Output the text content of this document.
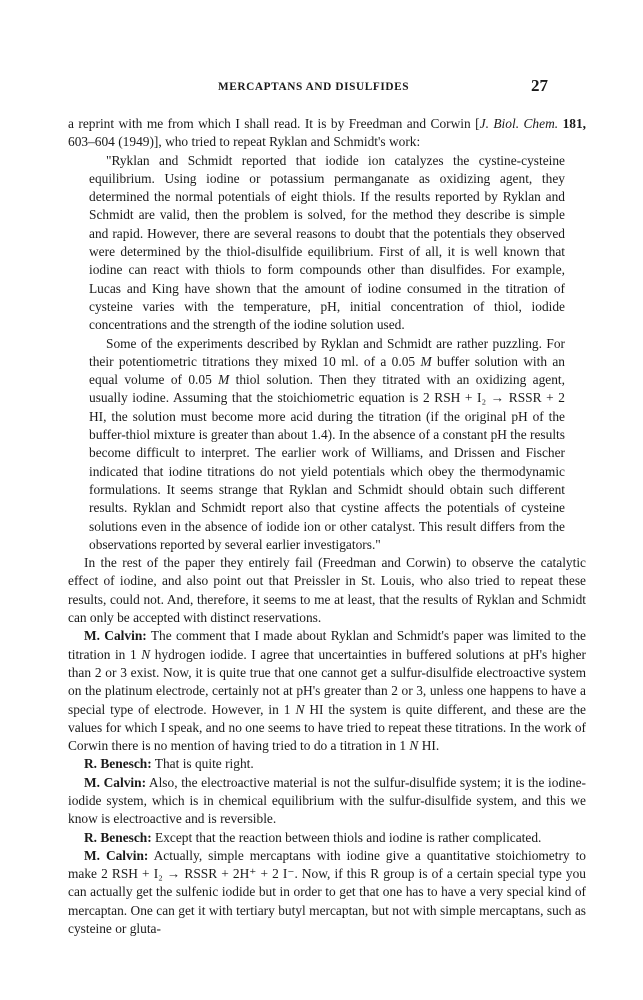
MERCAPTANS AND DISULFIDES	27

a reprint with me from which I shall read. It is by Freedman and Corwin [J. Biol. Chem. 181, 603–604 (1949)], who tried to repeat Ryklan and Schmidt's work:

"Ryklan and Schmidt reported that iodide ion catalyzes the cystine-cysteine equilibrium. Using iodine or potassium permanganate as oxidizing agent, they determined the normal potentials of eight thiols. If the results reported by Ryklan and Schmidt are valid, then the problem is solved, for the method they describe is simple and rapid. However, there are several reasons to doubt that the potentials they observed were determined by the thiol-disulfide equilibrium. First of all, it is well known that iodine can react with thiols to form compounds other than disulfides. For example, Lucas and King have shown that the amount of iodine consumed in the titration of cysteine varies with the temperature, pH, initial concentration of thiol, iodide concentrations and the strength of the iodine solution used.

Some of the experiments described by Ryklan and Schmidt are rather puzzling. For their potentiometric titrations they mixed 10 ml. of a 0.05 M buffer solution with an equal volume of 0.05 M thiol solution. Then they titrated with an oxidizing agent, usually iodine. Assuming that the stoichiometric equation is 2 RSH + I₂ → RSSR + 2 HI, the solution must become more acid during the titration (if the original pH of the buffer-thiol mixture is greater than about 1.4). In the absence of a constant pH the results become difficult to interpret. The earlier work of Williams, and Drissen and Fischer indicated that iodine titrations do not yield potentials which obey the thermodynamic formulations. It seems strange that Ryklan and Schmidt should obtain such different results. Ryklan and Schmidt report also that cystine affects the potentials of cysteine solutions even in the absence of iodide ion or other catalyst. This result differs from the observations reported by several earlier investigators."

In the rest of the paper they entirely fail (Freedman and Corwin) to observe the catalytic effect of iodine, and also point out that Preissler in St. Louis, who also tried to repeat these results, could not. And, therefore, it seems to me at least, that the results of Ryklan and Schmidt can only be accepted with distinct reservations.

M. Calvin: The comment that I made about Ryklan and Schmidt's paper was limited to the titration in 1 N hydrogen iodide. I agree that uncertainties in buffered solutions at pH's higher than 2 or 3 exist. Now, it is quite true that one cannot get a sulfur-disulfide electroactive system on the platinum electrode, certainly not at pH's greater than 2 or 3, unless one happens to have a special type of electrode. However, in 1 N HI the system is quite different, and these are the values for which I speak, and no one seems to have tried to repeat these titrations. In the work of Corwin there is no mention of having tried to do a titration in 1 N HI.

R. Benesch: That is quite right.

M. Calvin: Also, the electroactive material is not the sulfur-disulfide system; it is the iodine-iodide system, which is in chemical equilibrium with the sulfur-disulfide system, and this we know is electroactive and is reversible.

R. Benesch: Except that the reaction between thiols and iodine is rather complicated.

M. Calvin: Actually, simple mercaptans with iodine give a quantitative stoichiometry to make 2 RSH + I₂ → RSSR + 2H⁺ + 2 I⁻. Now, if this R group is of a certain special type you can actually get the sulfenic iodide but in order to get that one has to have a very special kind of mercaptan. One can get it with tertiary butyl mercaptan, but not with simple mercaptans, such as cysteine or gluta-
